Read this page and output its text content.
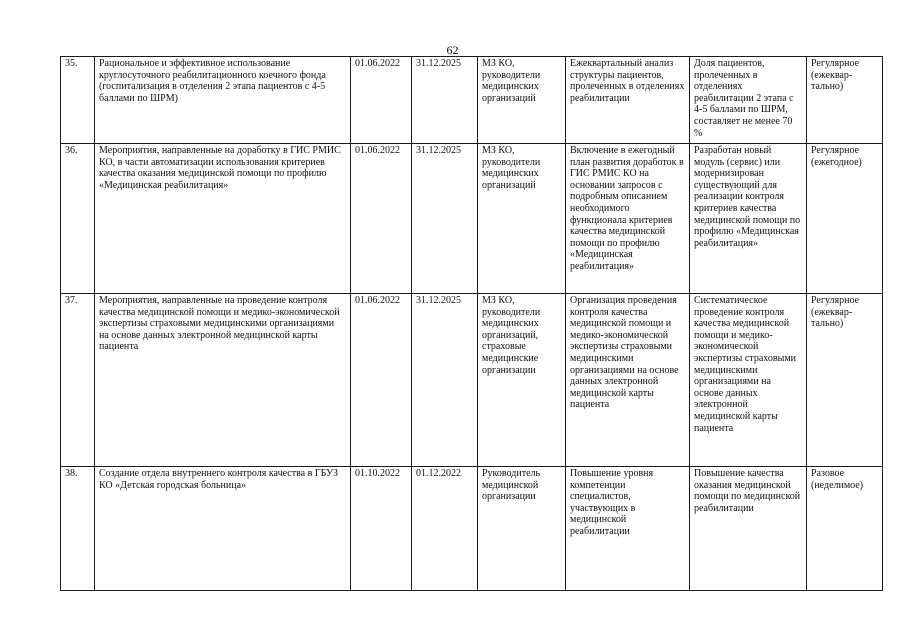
62
35.	Рациональное и эффективное использование круглосуточного реабилитационного коечного фонда (госпитализация в отделения 2 этапа пациентов с 4-5 баллами по ШРМ)	01.06.2022	31.12.2025	МЗ КО, руководители медицинских организаций	Ежеквартальный анализ структуры пациентов, пролеченных в отделениях реабилитации	Доля пациентов, пролеченных в отделениях реабилитации 2 этапа с 4-5 баллами по ШРМ, составляет не менее 70 %	Регулярное (ежеквар-тально)
36.	Мероприятия, направленные на доработку в ГИС РМИС КО, в части автоматизации использования критериев качества оказания медицинской помощи по профилю «Медицинская реабилитация»	01.06.2022	31.12.2025	МЗ КО, руководители медицинских организаций	Включение в ежегодный план развития доработок в ГИС РМИС КО на основании запросов с подробным описанием необходимого функционала критериев качества медицинской помощи по профилю «Медицинская реабилитация»	Разработан новый модуль (сервис) или модернизирован существующий для реализации контроля критериев качества медицинской помощи по профилю «Медицинская реабилитация»	Регулярное (ежегодное)
37.	Мероприятия, направленные на проведение контроля качества медицинской помощи и медико-экономической экспертизы страховыми медицинскими организациями на основе данных электронной медицинской карты пациента	01.06.2022	31.12.2025	МЗ КО, руководители медицинских организаций, страховые медицинские организации	Организация проведения контроля качества медицинской помощи и медико-экономической экспертизы страховыми медицинскими организациями на основе данных электронной медицинской карты пациента	Систематическое проведение контроля качества медицинской помощи и медико-экономической экспертизы страховыми медицинскими организациями на основе данных электронной медицинской карты пациента	Регулярное (ежеквар-тально)
38.	Создание отдела внутреннего контроля качества в ГБУЗ КО «Детская городская больница»	01.10.2022	01.12.2022	Руководитель медицинской организации	Повышение уровня компетенции специалистов, участвующих в медицинской реабилитации	Повышение качества оказания медицинской помощи по медицинской реабилитации	Разовое (неделимое)
